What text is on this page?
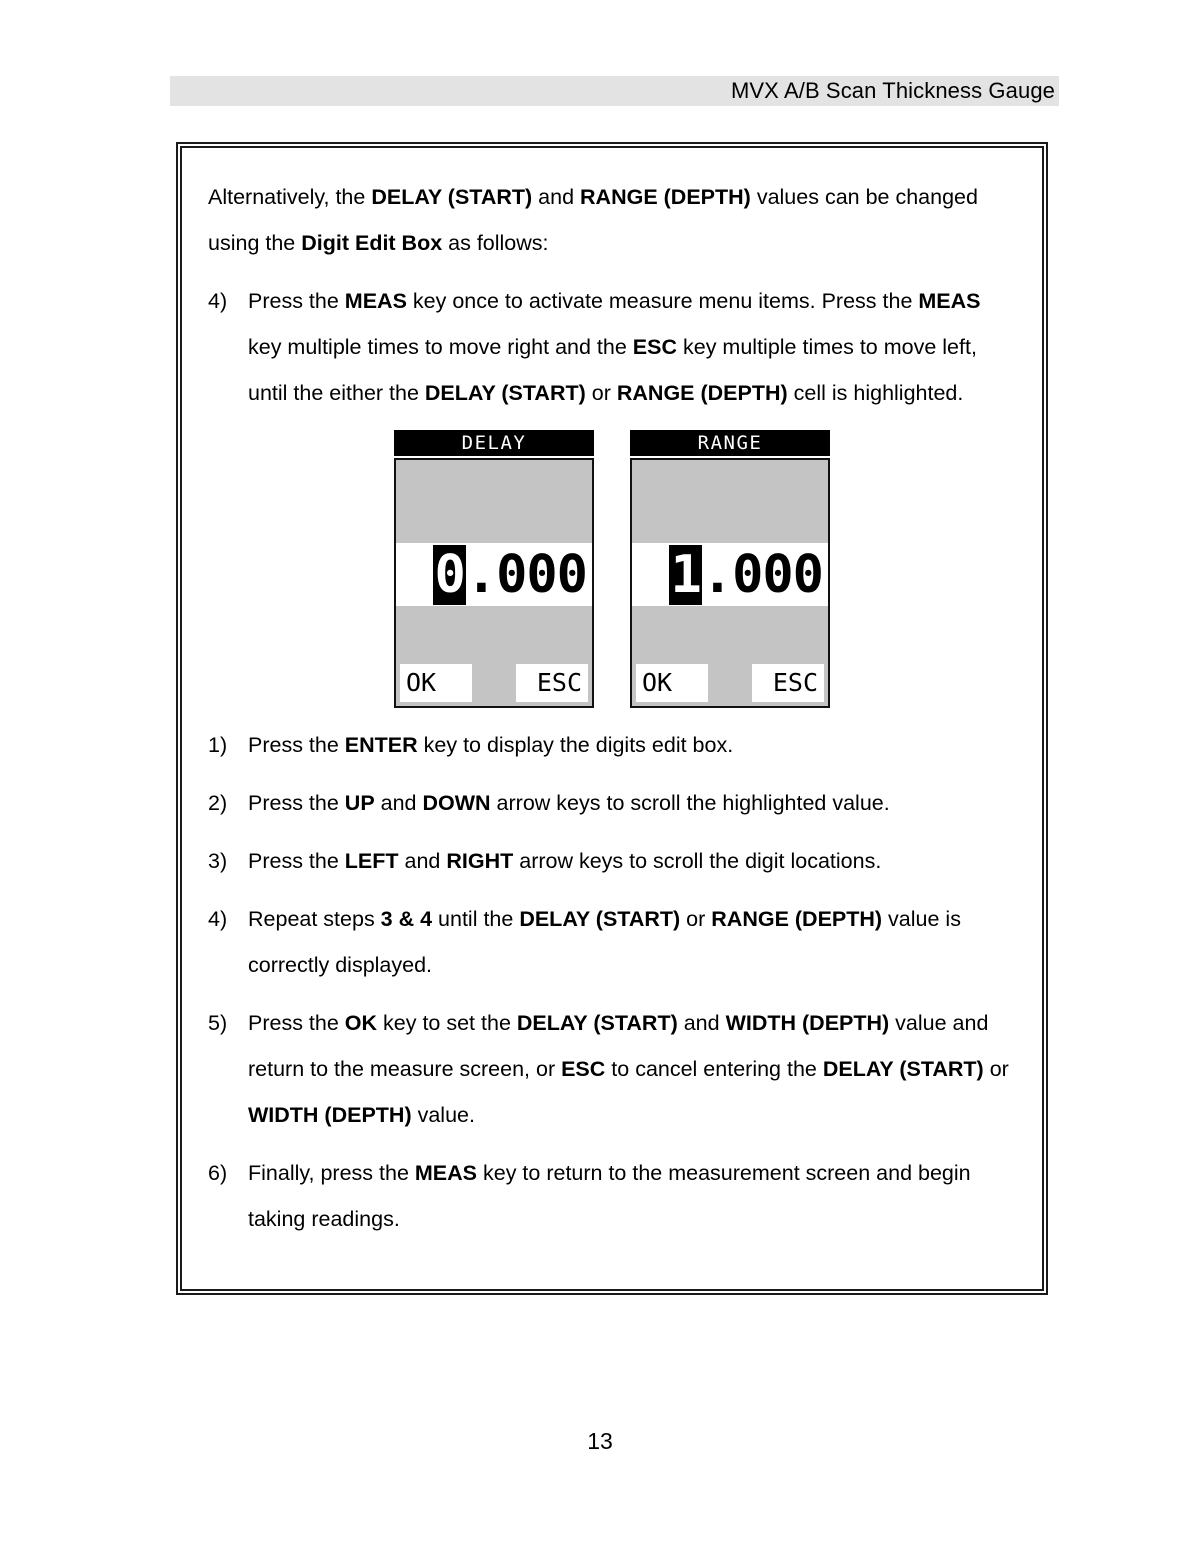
MVX A/B Scan Thickness Gauge

Alternatively, the DELAY (START) and RANGE (DEPTH) values can be changed using the Digit Edit Box as follows:

4) Press the MEAS key once to activate measure menu items. Press the MEAS key multiple times to move right and the ESC key multiple times to move left, until the either the DELAY (START) or RANGE (DEPTH) cell is highlighted.
DELAY
0 .000
OK	ESC
RANGE
1 .000
OK	ESC
1) Press the ENTER key to display the digits edit box.
2) Press the UP and DOWN arrow keys to scroll the highlighted value.
3) Press the LEFT and RIGHT arrow keys to scroll the digit locations.
4) Repeat steps 3 & 4 until the DELAY (START) or RANGE (DEPTH) value is correctly displayed.
5) Press the OK key to set the DELAY (START) and WIDTH (DEPTH) value and return to the measure screen, or ESC to cancel entering the DELAY (START) or WIDTH (DEPTH) value.
6) Finally, press the MEAS key to return to the measurement screen and begin taking readings.
13
